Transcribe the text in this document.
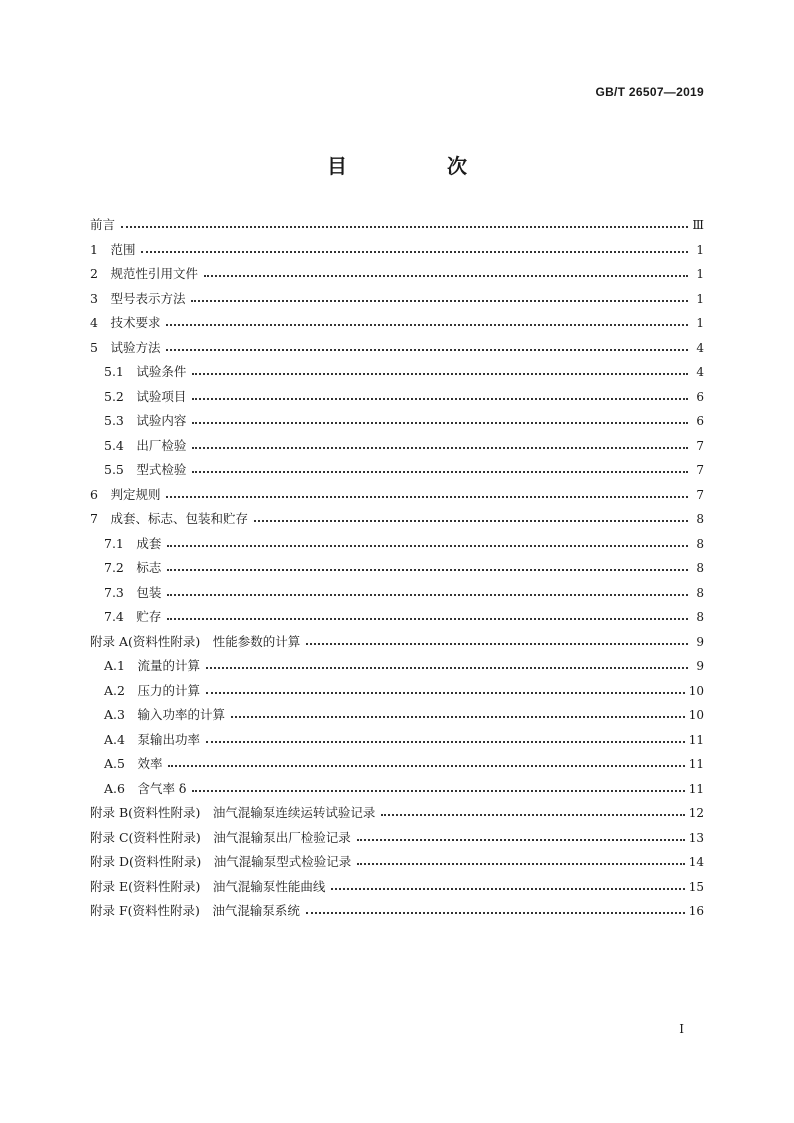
GB/T 26507—2019
目　次
前言	Ⅲ
1　范围	1
2　规范性引用文件	1
3　型号表示方法	1
4　技术要求	1
5　试验方法	4
5.1　试验条件	4
5.2　试验项目	6
5.3　试验内容	6
5.4　出厂检验	7
5.5　型式检验	7
6　判定规则	7
7　成套、标志、包装和贮存	8
7.1　成套	8
7.2　标志	8
7.3　包装	8
7.4　贮存	8
附录 A(资料性附录)　性能参数的计算	9
A.1　流量的计算	9
A.2　压力的计算	10
A.3　输入功率的计算	10
A.4　泵输出功率	11
A.5　效率	11
A.6　含气率 δ	11
附录 B(资料性附录)　油气混输泵连续运转试验记录	12
附录 C(资料性附录)　油气混输泵出厂检验记录	13
附录 D(资料性附录)　油气混输泵型式检验记录	14
附录 E(资料性附录)　油气混输泵性能曲线	15
附录 F(资料性附录)　油气混输泵系统	16
I
